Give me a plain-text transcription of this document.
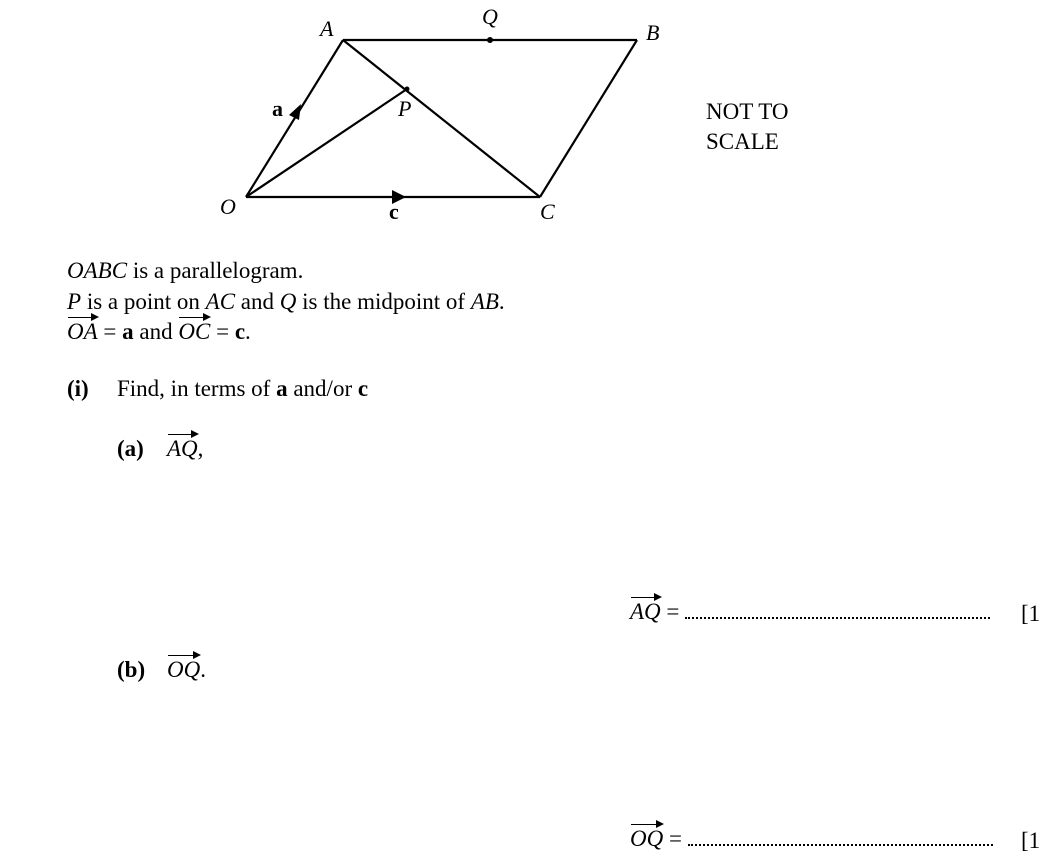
A	Q
B
P
O	C
a
c
NOT TO
SCALE
OABC is a parallelogram.
P is a point on AC and Q is the midpoint of AB.
OA = a and OC = c.
(i) Find, in terms of a and/or c
(a) AQ,
AQ =	[1
(b) OQ.
OQ =	[1
